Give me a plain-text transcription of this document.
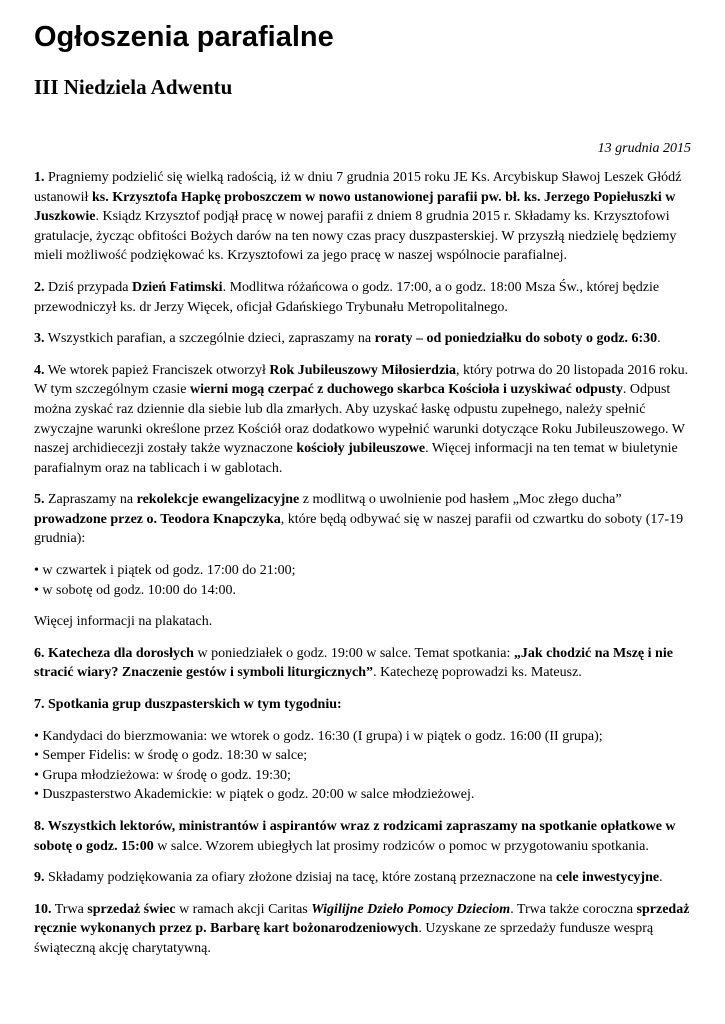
Ogłoszenia parafialne
III Niedziela Adwentu
13 grudnia 2015

1. Pragniemy podzielić się wielką radością, iż w dniu 7 grudnia 2015 roku JE Ks. Arcybiskup Sławoj Leszek Głódź ustanowił ks. Krzysztofa Hapkę proboszczem w nowo ustanowionej parafii pw. bł. ks. Jerzego Popiełuszki w Juszkowie. Ksiądz Krzysztof podjął pracę w nowej parafii z dniem 8 grudnia 2015 r. Składamy ks. Krzysztofowi gratulacje, życząc obfitości Bożych darów na ten nowy czas pracy duszpasterskiej. W przyszłą niedzielę będziemy mieli możliwość podziękować ks. Krzysztofowi za jego pracę w naszej wspólnocie parafialnej.

2. Dziś przypada Dzień Fatimski. Modlitwa różańcowa o godz. 17:00, a o godz. 18:00 Msza Św., której będzie przewodniczył ks. dr Jerzy Więcek, oficjał Gdańskiego Trybunału Metropolitalnego.

3. Wszystkich parafian, a szczególnie dzieci, zapraszamy na roraty – od poniedziałku do soboty o godz. 6:30.

4. We wtorek papież Franciszek otworzył Rok Jubileuszowy Miłosierdzia, który potrwa do 20 listopada 2016 roku. W tym szczególnym czasie wierni mogą czerpać z duchowego skarbca Kościoła i uzyskiwać odpusty. Odpust można zyskać raz dziennie dla siebie lub dla zmarłych. Aby uzyskać łaskę odpustu zupełnego, należy spełnić zwyczajne warunki określone przez Kościół oraz dodatkowo wypełnić warunki dotyczące Roku Jubileuszowego. W naszej archidiecezji zostały także wyznaczone kościoły jubileuszowe. Więcej informacji na ten temat w biuletynie parafialnym oraz na tablicach i w gablotach.

5. Zapraszamy na rekolekcje ewangelizacyjne z modlitwą o uwolnienie pod hasłem „Moc złego ducha” prowadzone przez o. Teodora Knapczyka, które będą odbywać się w naszej parafii od czwartku do soboty (17-19 grudnia):

• w czwartek i piątek od godz. 17:00 do 21:00;
• w sobotę od godz. 10:00 do 14:00.

Więcej informacji na plakatach.

6. Katecheza dla dorosłych w poniedziałek o godz. 19:00 w salce. Temat spotkania: „Jak chodzić na Mszę i nie stracić wiary? Znaczenie gestów i symboli liturgicznych”. Katechezę poprowadzi ks. Mateusz.

7. Spotkania grup duszpasterskich w tym tygodniu:

• Kandydaci do bierzmowania: we wtorek o godz. 16:30 (I grupa) i w piątek o godz. 16:00 (II grupa);
• Semper Fidelis: w środę o godz. 18:30 w salce;
• Grupa młodzieżowa: w środę o godz. 19:30;
• Duszpasterstwo Akademickie: w piątek o godz. 20:00 w salce młodzieżowej.

8. Wszystkich lektorów, ministrantów i aspirantów wraz z rodzicami zapraszamy na spotkanie opłatkowe w sobotę o godz. 15:00 w salce. Wzorem ubiegłych lat prosimy rodziców o pomoc w przygotowaniu spotkania.

9. Składamy podziękowania za ofiary złożone dzisiaj na tacę, które zostaną przeznaczone na cele inwestycyjne.

10. Trwa sprzedaż świec w ramach akcji Caritas Wigilijne Dzieło Pomocy Dzieciom. Trwa także coroczna sprzedaż ręcznie wykonanych przez p. Barbarę kart bożonarodzeniowych. Uzyskane ze sprzedaży fundusze wesprą świąteczną akcję charytatywną.
